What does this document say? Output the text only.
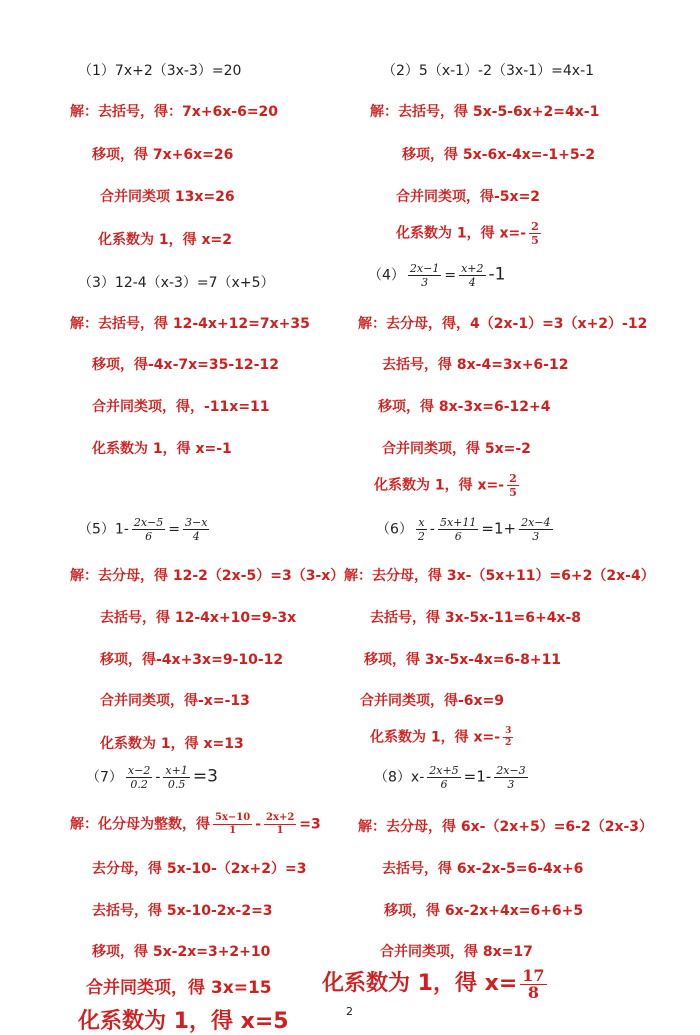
（1）7x+2（3x-3）=20
解：去括号，得：7x+6x-6=20
移项，得 7x+6x=26
合并同类项 13x=26
化系数为 1，得 x=2
（2）5（x-1）-2（3x-1）=4x-1
解：去括号，得 5x-5-6x+2=4x-1
移项，得 5x-6x-4x=-1+5-2
合并同类项，得-5x=2
化系数为 1，得 $x=- \frac{2}{5}$
（3）12-4（x-3）=7（x+5）
解：去括号，得 12-4x+12=7x+35
移项，得-4x-7x=35-12-12
合并同类项，得，-11x=11
化系数为 1，得 x=-1
$(4) \frac{2x-1}{3} = \frac{x+2}{4} -1$
解：去分母，得，4（2x-1）=3（x+2）-12
去括号，得 8x-4=3x+6-12
移项，得 8x-3x=6-12+4
合并同类项，得 5x=-2
化系数为 1，得 $x=- \frac{2}{5}$
$(5)1- \frac{2x-5}{6} = \frac{3-x}{4}$
解：去分母，得 12-2（2x-5）=3（3-x）
去括号，得 12-4x+10=9-3x
移项，得-4x+3x=9-10-12
合并同类项，得-x=-13
化系数为 1，得 x=13
$(6) \frac{x}{2} - \frac{5x+11}{6} =1+ \frac{2x-4}{3}$
解：去分母，得 3x-（5x+11）=6+2（2x-4）
去括号，得 3x-5x-11=6+4x-8
移项，得 3x-5x-4x=6-8+11
合并同类项，得-6x=9
化系数为 1，得 $x=- \frac{3}{2}$
$(7) \frac{x-2}{0.2} - \frac{x+1}{0.5} =3$
解：化分母为整数，得 $\frac{5x-10}{1} - \frac{2x+2}{1} =3$
去分母，得 5x-10-（2x+2）=3
去括号，得 5x-10-2x-2=3
移项，得 5x-2x=3+2+10
合并同类项，得 3x=15
化系数为 1，得 x=5
$(8)x- \frac{2x+5}{6} =1- \frac{2x-3}{3}$
解：去分母，得 6x-（2x+5）=6-2（2x-3）
去括号，得 6x-2x-5=6-4x+6
移项，得 6x-2x+4x=6+6+5
合并同类项，得 8x=17
化系数为 1，得 $x= \frac{17}{8}$
2
